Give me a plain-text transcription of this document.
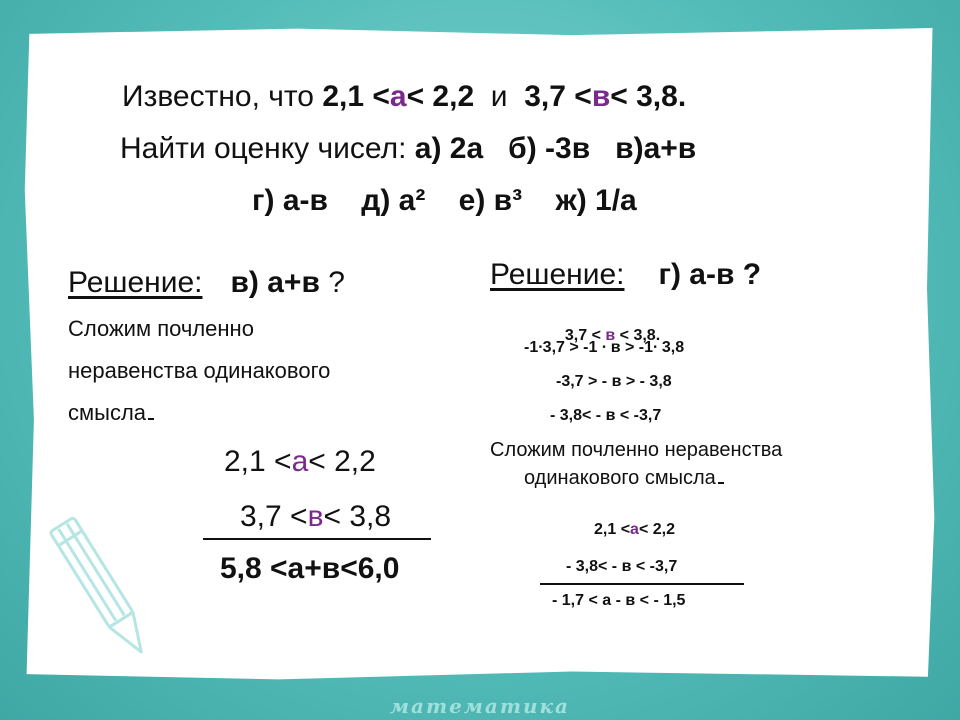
Известно, что 2,1 <а< 2,2  и  3,7 <в< 3,8.
Найти оценку чисел: а) 2а   б) -3в   в)а+в
г) а-в    д) а²    е) в³    ж) 1/а
Решение: в) а+в ?
Сложим почленно
неравенства одинакового
смысла
2,1 <а< 2,2
3,7 <в< 3,8
5,8 <а+в<6,0
Решение: г) а-в ?

3,7 < в < 3,8.

-1∙3,7 > -1 ∙ в > -1∙ 3,8
-3,7 > - в > - 3,8
- 3,8< - в < -3,7
Сложим почленно неравенства
одинакового смысла
2,1 <а< 2,2
- 3,8< - в < -3,7
- 1,7 < а - в < - 1,5
математика
